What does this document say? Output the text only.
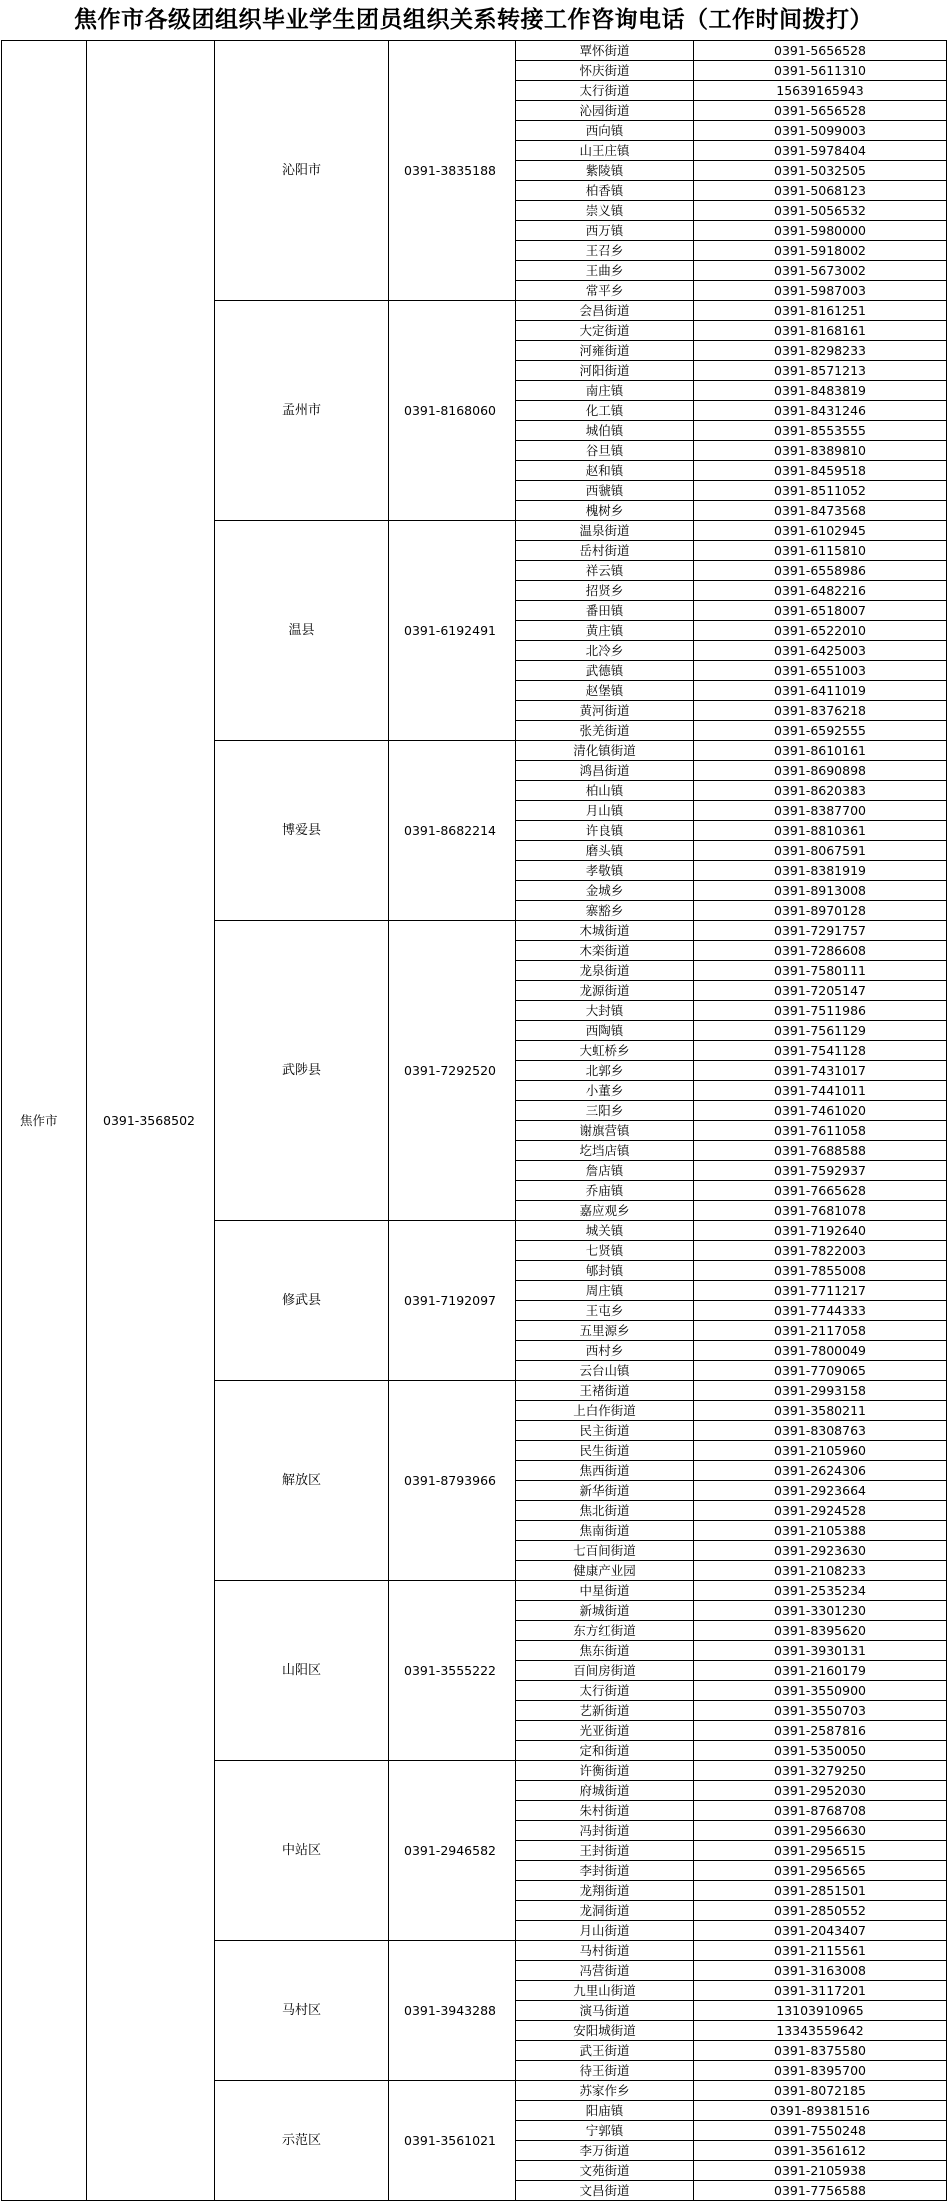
焦作市各级团组织毕业学生团员组织关系转接工作咨询电话（工作时间拨打）
焦作市	0391-3568502	沁阳市	0391-3835188	覃怀街道	0391-5656528
				怀庆街道	0391-5611310
				太行街道	15639165943
				沁园街道	0391-5656528
				西向镇	0391-5099003
				山王庄镇	0391-5978404
				紫陵镇	0391-5032505
				柏香镇	0391-5068123
				崇义镇	0391-5056532
				西万镇	0391-5980000
				王召乡	0391-5918002
				王曲乡	0391-5673002
				常平乡	0391-5987003
		孟州市	0391-8168060	会昌街道	0391-8161251
				大定街道	0391-8168161
				河雍街道	0391-8298233
				河阳街道	0391-8571213
				南庄镇	0391-8483819
				化工镇	0391-8431246
				城伯镇	0391-8553555
				谷旦镇	0391-8389810
				赵和镇	0391-8459518
				西虢镇	0391-8511052
				槐树乡	0391-8473568
		温县	0391-6192491	温泉街道	0391-6102945
				岳村街道	0391-6115810
				祥云镇	0391-6558986
				招贤乡	0391-6482216
				番田镇	0391-6518007
				黄庄镇	0391-6522010
				北冷乡	0391-6425003
				武德镇	0391-6551003
				赵堡镇	0391-6411019
				黄河街道	0391-8376218
				张羌街道	0391-6592555
		博爱县	0391-8682214	清化镇街道	0391-8610161
				鸿昌街道	0391-8690898
				柏山镇	0391-8620383
				月山镇	0391-8387700
				许良镇	0391-8810361
				磨头镇	0391-8067591
				孝敬镇	0391-8381919
				金城乡	0391-8913008
				寨豁乡	0391-8970128
		武陟县	0391-7292520	木城街道	0391-7291757
				木栾街道	0391-7286608
				龙泉街道	0391-7580111
				龙源街道	0391-7205147
				大封镇	0391-7511986
				西陶镇	0391-7561129
				大虹桥乡	0391-7541128
				北郭乡	0391-7431017
				小董乡	0391-7441011
				三阳乡	0391-7461020
				谢旗营镇	0391-7611058
				圪垱店镇	0391-7688588
				詹店镇	0391-7592937
				乔庙镇	0391-7665628
				嘉应观乡	0391-7681078
		修武县	0391-7192097	城关镇	0391-7192640
				七贤镇	0391-7822003
				郇封镇	0391-7855008
				周庄镇	0391-7711217
				王屯乡	0391-7744333
				五里源乡	0391-2117058
				西村乡	0391-7800049
				云台山镇	0391-7709065
		解放区	0391-8793966	王褚街道	0391-2993158
				上白作街道	0391-3580211
				民主街道	0391-8308763
				民生街道	0391-2105960
				焦西街道	0391-2624306
				新华街道	0391-2923664
				焦北街道	0391-2924528
				焦南街道	0391-2105388
				七百间街道	0391-2923630
				健康产业园	0391-2108233
		山阳区	0391-3555222	中星街道	0391-2535234
				新城街道	0391-3301230
				东方红街道	0391-8395620
				焦东街道	0391-3930131
				百间房街道	0391-2160179
				太行街道	0391-3550900
				艺新街道	0391-3550703
				光亚街道	0391-2587816
				定和街道	0391-5350050
		中站区	0391-2946582	许衡街道	0391-3279250
				府城街道	0391-2952030
				朱村街道	0391-8768708
				冯封街道	0391-2956630
				王封街道	0391-2956515
				李封街道	0391-2956565
				龙翔街道	0391-2851501
				龙洞街道	0391-2850552
				月山街道	0391-2043407
		马村区	0391-3943288	马村街道	0391-2115561
				冯营街道	0391-3163008
				九里山街道	0391-3117201
				演马街道	13103910965
				安阳城街道	13343559642
				武王街道	0391-8375580
				待王街道	0391-8395700
		示范区	0391-3561021	苏家作乡	0391-8072185
				阳庙镇	0391-89381516
				宁郭镇	0391-7550248
				李万街道	0391-3561612
				文苑街道	0391-2105938
				文昌街道	0391-7756588
